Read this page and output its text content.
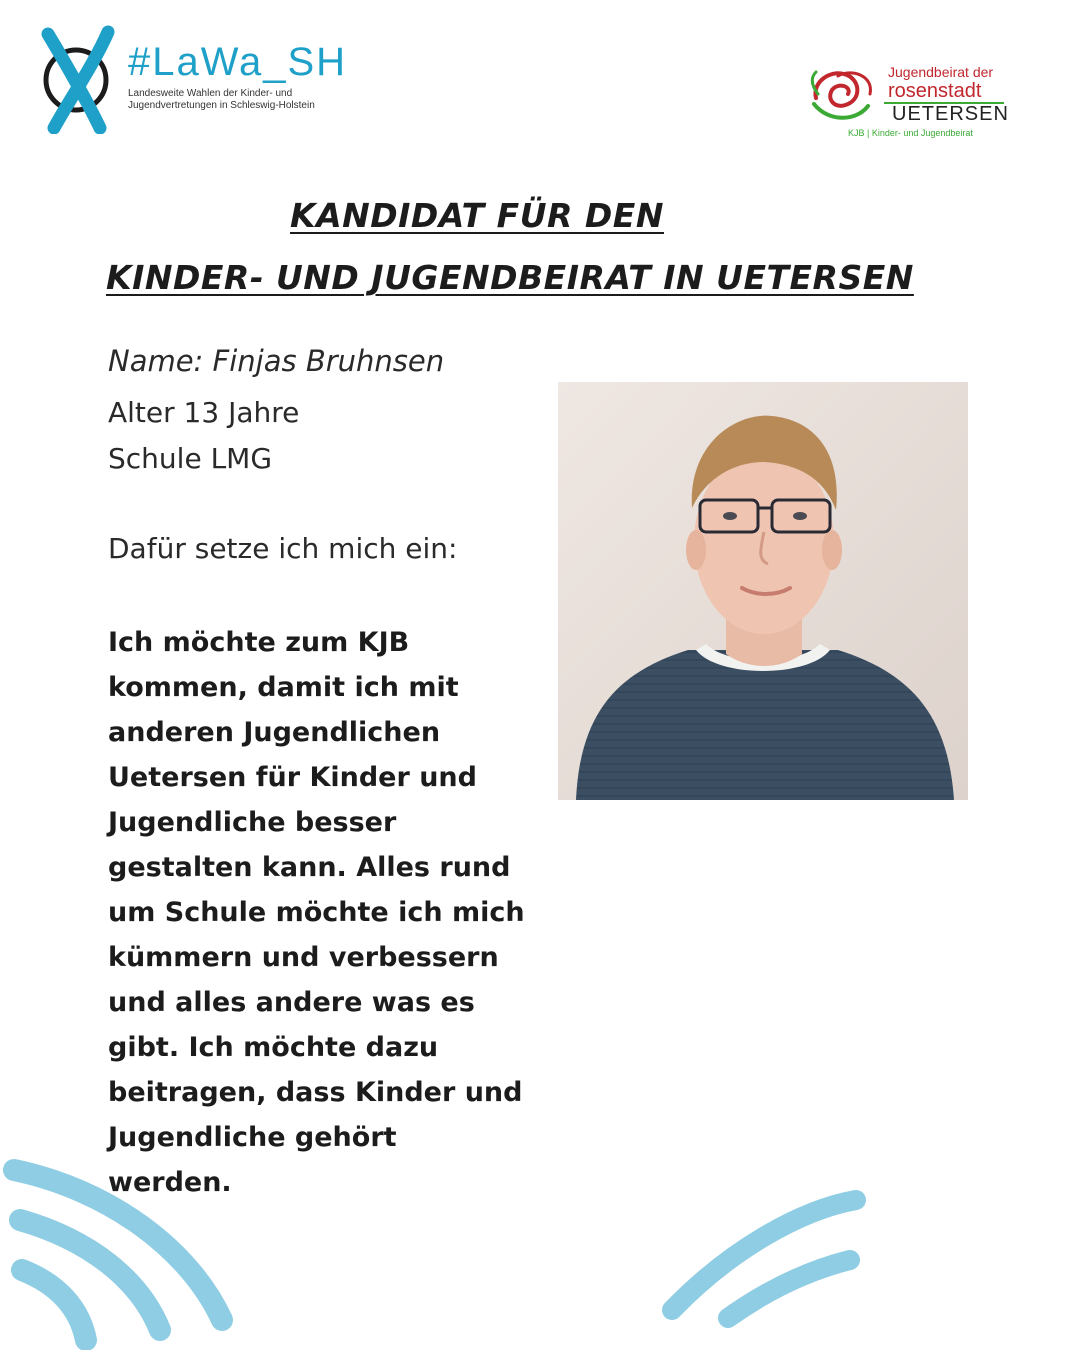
#LaWa_SH
Landesweite Wahlen der Kinder- und
Jugendvertretungen in Schleswig-Holstein
Jugendbeirat der
rosenstadt
UETERSEN
KJB | Kinder- und Jugendbeirat
KANDIDAT FÜR DEN
KINDER- UND JUGENDBEIRAT IN UETERSEN
Name: Finjas Bruhnsen
Alter 13 Jahre
Schule LMG
Dafür setze ich mich ein:

Ich möchte zum KJB kommen, damit ich mit anderen Jugendlichen Uetersen für Kinder und Jugendliche besser gestalten kann. Alles rund um Schule möchte ich mich kümmern und verbessern und alles andere was es gibt. Ich möchte dazu beitragen, dass Kinder und Jugendliche gehört werden.
